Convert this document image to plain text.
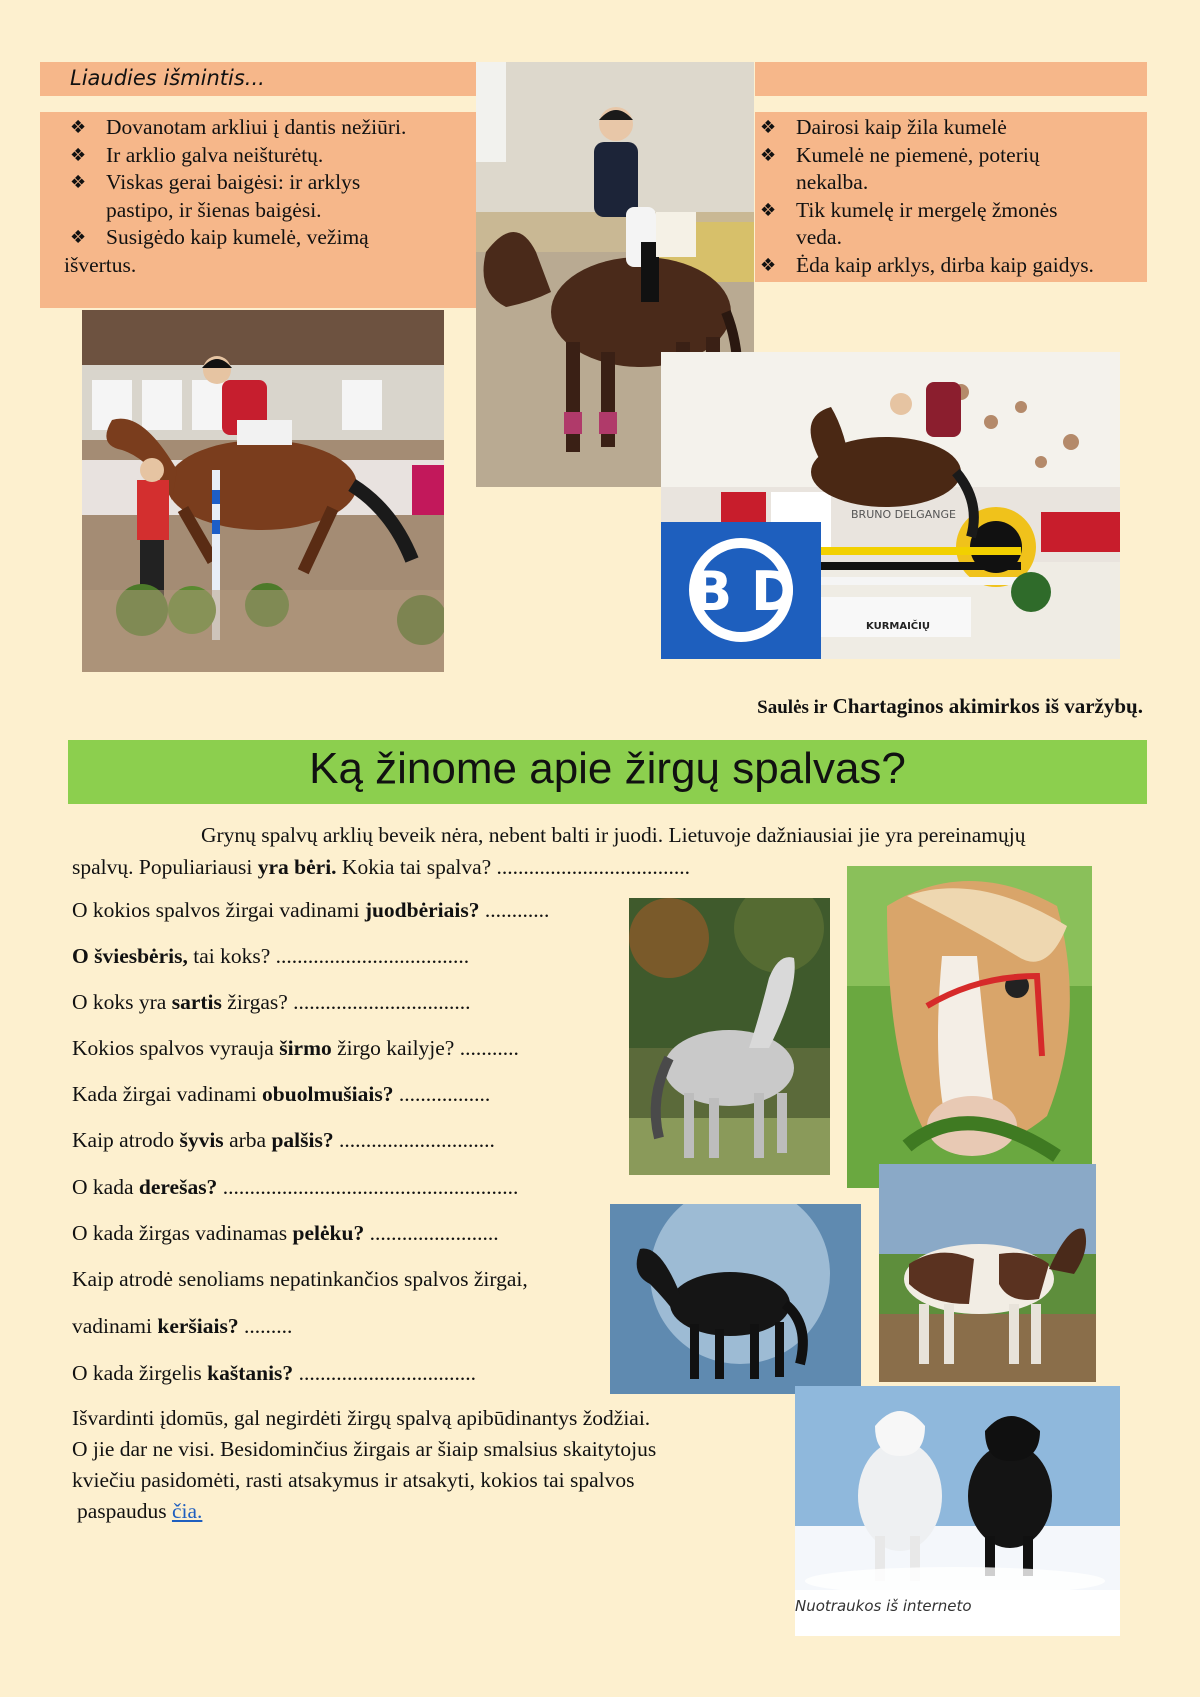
Liaudies išmintis...
❖ Dovanotam arkliui į dantis nežiūri.
❖ Ir arklio galva neišturėtų.
❖ Viskas gerai baigėsi: ir arklys
pastipo, ir šienas baigėsi.
❖ Susigėdo kaip kumelė, vežimą
išvertus.
❖ Dairosi kaip žila kumelė
❖ Kumelė ne piemenė, poterių
nekalba.
❖ Tik kumelę ir mergelę žmonės
veda.
❖ Ėda kaip arklys, dirba kaip gaidys.
B D
BRUNO DELGANGE
KURMAIČIŲ
Saulės ir Chartaginos akimirkos iš varžybų.
Ką žinome apie žirgų spalvas?
Grynų spalvų arklių beveik nėra, nebent balti ir juodi. Lietuvoje dažniausiai jie yra pereinamųjų
spalvų. Populiariausi yra bėri. Kokia tai spalva? ....................................
O kokios spalvos žirgai vadinami juodbėriais? ............
O šviesbėris, tai koks? ....................................
O koks yra sartis žirgas? .................................
Kokios spalvos vyrauja širmo žirgo kailyje? ...........
Kada žirgai vadinami obuolmušiais? .................
Kaip atrodo šyvis arba palšis? .............................
O kada derešas? .......................................................
O kada žirgas vadinamas pelėku? ........................
Kaip atrodė senoliams nepatinkančios spalvos žirgai,
vadinami keršiais? .........
O kada žirgelis kaštanis? .................................
Išvardinti įdomūs, gal negirdėti žirgų spalvą apibūdinantys žodžiai.
O jie dar ne visi. Besidominčius žirgais ar šiaip smalsius skaitytojus
kviečiu pasidomėti, rasti atsakymus ir atsakyti, kokios tai spalvos
paspaudus čia.
Nuotraukos iš interneto
